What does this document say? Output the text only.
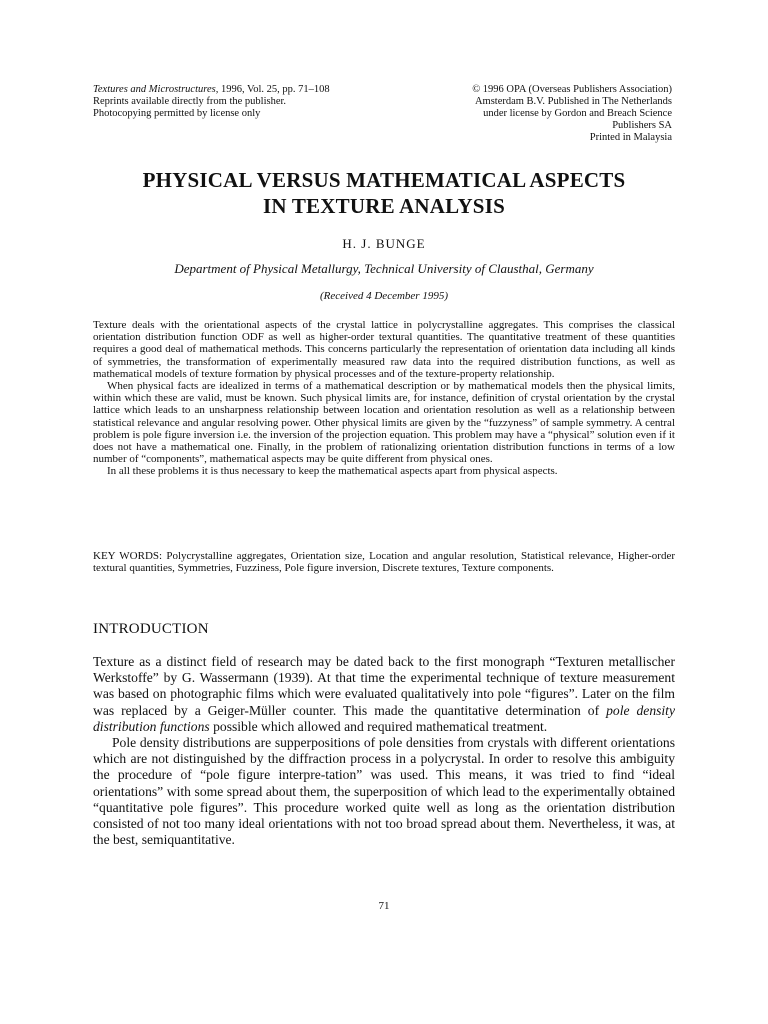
Textures and Microstructures, 1996, Vol. 25, pp. 71–108
Reprints available directly from the publisher.
Photocopying permitted by license only
© 1996 OPA (Overseas Publishers Association)
Amsterdam B.V. Published in The Netherlands
under license by Gordon and Breach Science
Publishers SA
Printed in Malaysia
PHYSICAL VERSUS MATHEMATICAL ASPECTS
IN TEXTURE ANALYSIS
H. J. BUNGE
Department of Physical Metallurgy, Technical University of Clausthal, Germany
(Received 4 December 1995)

Texture deals with the orientational aspects of the crystal lattice in polycrystalline aggregates. This comprises the classical orientation distribution function ODF as well as higher-order textural quantities. The quantitative treatment of these quantities requires a good deal of mathematical methods. This concerns particularly the representation of orientation data including all kinds of symmetries, the transformation of experimentally measured raw data into the required distribution functions, as well as mathematical models of texture formation by physical processes and of the texture-property relationship.

When physical facts are idealized in terms of a mathematical description or by mathematical models then the physical limits, within which these are valid, must be known. Such physical limits are, for instance, definition of crystal orientation by the crystal lattice which leads to an unsharpness relationship between location and orientation resolution as well as a relationship between statistical relevance and angular resolving power. Other physical limits are given by the “fuzzyness” of sample symmetry. A central problem is pole figure inversion i.e. the inversion of the projection equation. This problem may have a “physical” solution even if it does not have a mathematical one. Finally, in the problem of rationalizing orientation distribution functions in terms of a low number of “components”, mathematical aspects may be quite different from physical ones.

In all these problems it is thus necessary to keep the mathematical aspects apart from physical aspects.

KEY WORDS: Polycrystalline aggregates, Orientation size, Location and angular resolution, Statistical relevance, Higher-order textural quantities, Symmetries, Fuzziness, Pole figure inversion, Discrete textures, Texture components.
INTRODUCTION

Texture as a distinct field of research may be dated back to the first monograph “Texturen metallischer Werkstoffe” by G. Wassermann (1939). At that time the experimental technique of texture measurement was based on photographic films which were evaluated qualitatively into pole “figures”. Later on the film was replaced by a Geiger-Müller counter. This made the quantitative determination of pole density distribution functions possible which allowed and required mathematical treatment.

Pole density distributions are supperpositions of pole densities from crystals with different orientations which are not distinguished by the diffraction process in a polycrystal. In order to resolve this ambiguity the procedure of “pole figure interpre-tation” was used. This means, it was tried to find “ideal orientations” with some spread about them, the superposition of which lead to the experimentally obtained “quantitative pole figures”. This procedure worked quite well as long as the orientation distribution consisted of not too many ideal orientations with not too broad spread about them. Nevertheless, it was, at the best, semiquantitative.

71
